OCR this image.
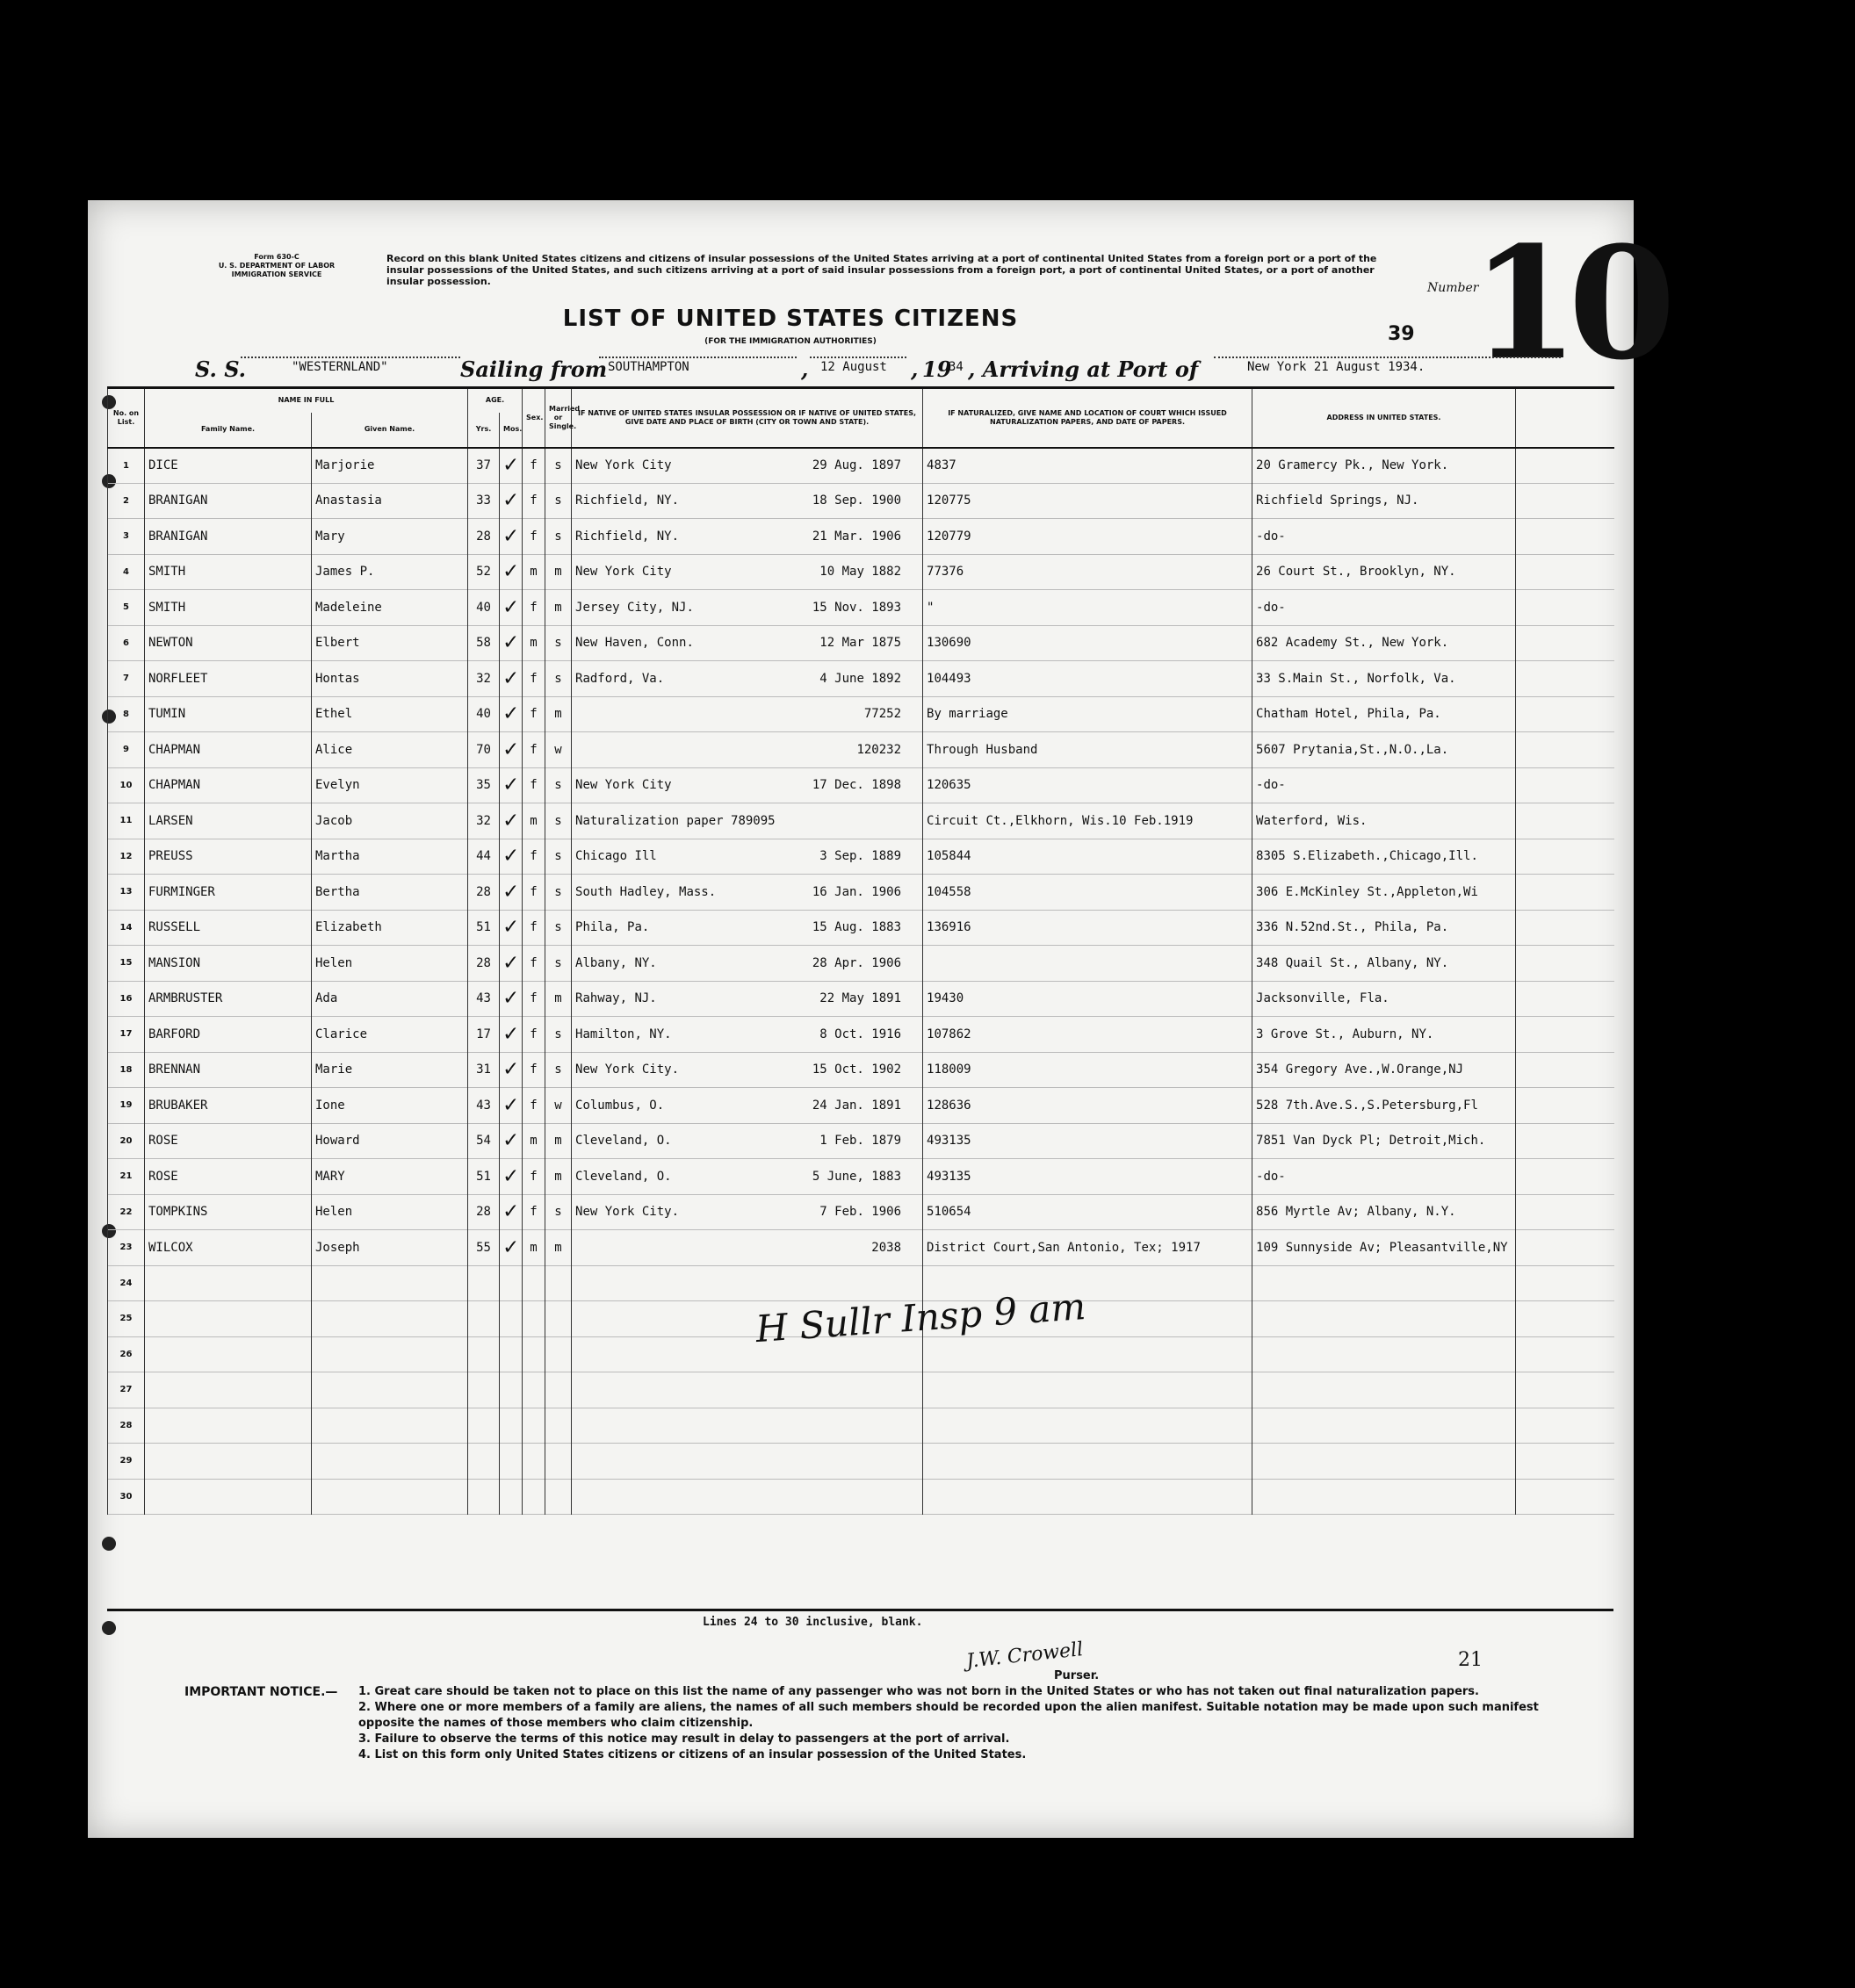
Form 630-C
U. S. DEPARTMENT OF LABOR
IMMIGRATION SERVICE
Record on this blank United States citizens and citizens of insular possessions of the United States arriving at a port of continental United States from a foreign port or a port of the insular possessions of the United States, and such citizens arriving at a port of said insular possessions from a foreign port, a port of continental United States, or a port of another insular possession.	Number
10
39
LIST OF UNITED STATES CITIZENS
(FOR THE IMMIGRATION AUTHORITIES)
S. S.	"WESTERNLAND"	Sailing from SOUTHAMPTON	, 12 August , 19
34 , Arriving at Port of	New York 21 August 1934.
No. on List.	NAME IN FULL		AGE.		Sex.	Married or Single.	IF NATIVE OF UNITED STATES INSULAR POSSESSION OR IF NATIVE OF UNITED STATES, GIVE DATE AND PLACE OF BIRTH (CITY OR TOWN AND STATE).	IF NATURALIZED, GIVE NAME AND LOCATION OF COURT WHICH ISSUED NATURALIZATION PAPERS, AND DATE OF PAPERS.	ADDRESS IN UNITED STATES.	
	Family Name.	Given Name.	Yrs.	Mos.						
1	DICE	Marjorie	37	✓	f	s	New York City 29 Aug. 1897	4837	20 Gramercy Pk., New York.	
2	BRANIGAN	Anastasia	33	✓	f	s	Richfield, NY. 18 Sep. 1900	120775	Richfield Springs, NJ.	
3	BRANIGAN	Mary	28	✓	f	s	Richfield, NY. 21 Mar. 1906	120779	-do-	
4	SMITH	James P.	52	✓	m	m	New York City 10 May 1882	77376	26 Court St., Brooklyn, NY.	
5	SMITH	Madeleine	40	✓	f	m	Jersey City, NJ. 15 Nov. 1893	"	-do-	
6	NEWTON	Elbert	58	✓	m	s	New Haven, Conn. 12 Mar 1875	130690	682 Academy St., New York.	
7	NORFLEET	Hontas	32	✓	f	s	Radford, Va. 4 June 1892	104493	33 S.Main St., Norfolk, Va.	
8	TUMIN	Ethel	40	✓	f	m	77252	By marriage	Chatham Hotel, Phila, Pa.	
9	CHAPMAN	Alice	70	✓	f	w	120232	Through Husband	5607 Prytania,St.,N.O.,La.	
10	CHAPMAN	Evelyn	35	✓	f	s	New York City 17 Dec. 1898	120635	-do-	
11	LARSEN	Jacob	32	✓	m	s	Naturalization paper 789095	Circuit Ct.,Elkhorn, Wis.10 Feb.1919	Waterford, Wis.	
12	PREUSS	Martha	44	✓	f	s	Chicago Ill 3 Sep. 1889	105844	8305 S.Elizabeth.,Chicago,Ill.	
13	FURMINGER	Bertha	28	✓	f	s	South Hadley, Mass. 16 Jan. 1906	104558	306 E.McKinley St.,Appleton,Wi	
14	RUSSELL	Elizabeth	51	✓	f	s	Phila, Pa. 15 Aug. 1883	136916	336 N.52nd.St., Phila, Pa.	
15	MANSION	Helen	28	✓	f	s	Albany, NY. 28 Apr. 1906		348 Quail St., Albany, NY.	
16	ARMBRUSTER	Ada	43	✓	f	m	Rahway, NJ. 22 May 1891	19430	Jacksonville, Fla.	
17	BARFORD	Clarice	17	✓	f	s	Hamilton, NY. 8 Oct. 1916	107862	3 Grove St., Auburn, NY.	
18	BRENNAN	Marie	31	✓	f	s	New York City. 15 Oct. 1902	118009	354 Gregory Ave.,W.Orange,NJ	
19	BRUBAKER	Ione	43	✓	f	w	Columbus, O. 24 Jan. 1891	128636	528 7th.Ave.S.,S.Petersburg,Fl	
20	ROSE	Howard	54	✓	m	m	Cleveland, O. 1 Feb. 1879	493135	7851 Van Dyck Pl; Detroit,Mich.	
21	ROSE	MARY	51	✓	f	m	Cleveland, O. 5 June, 1883	493135	-do-	
22	TOMPKINS	Helen	28	✓	f	s	New York City. 7 Feb. 1906	510654	856 Myrtle Av; Albany, N.Y.	
23	WILCOX	Joseph	55	✓	m	m	2038	District Court,San Antonio, Tex; 1917	109 Sunnyside Av; Pleasantville,NY	
24							

25							

26							

27							

28							

29							

30							

H Sullr Insp 9 am
Lines 24 to 30 inclusive, blank.
J.W. Crowell
Purser.
21
IMPORTANT NOTICE.— 1. Great care should be taken not to place on this list the name of any passenger who was not born in the United States or who has not taken out final naturalization papers.
2. Where one or more members of a family are aliens, the names of all such members should be recorded upon the alien manifest. Suitable notation may be made upon such manifest opposite the names of those members who claim citizenship.
3. Failure to observe the terms of this notice may result in delay to passengers at the port of arrival.
4. List on this form only United States citizens or citizens of an insular possession of the United States.
